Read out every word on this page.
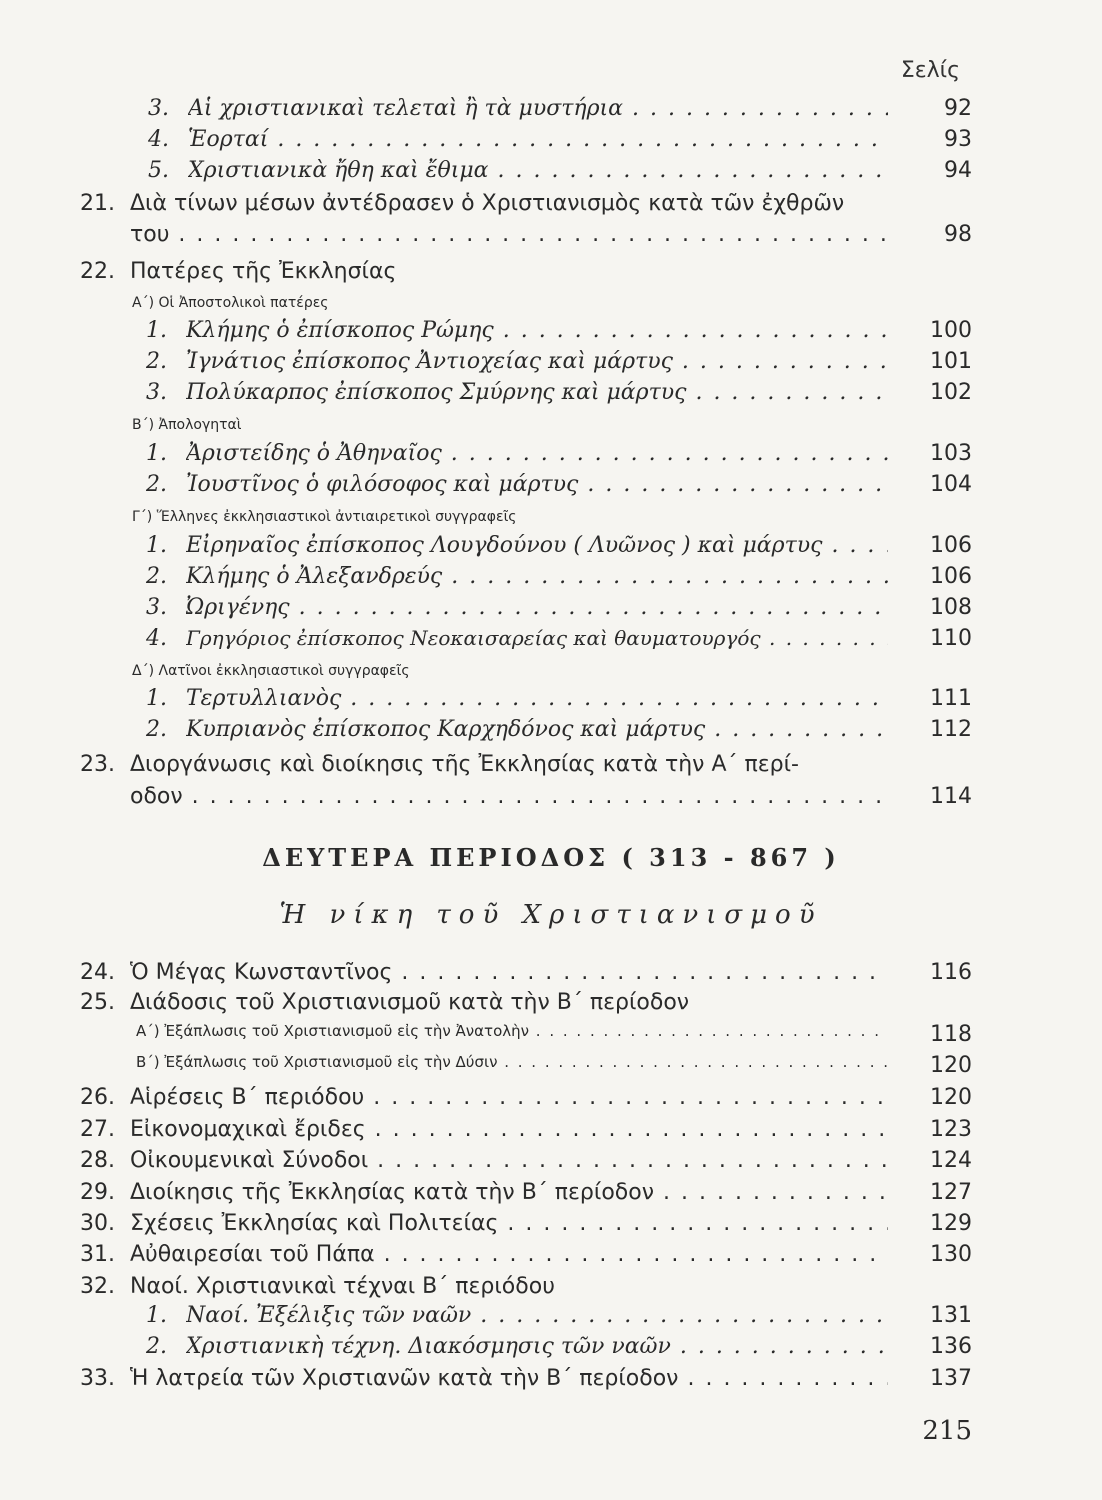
Σελίς
3. Αἱ χριστιανικαὶ τελεταὶ ἢ τὰ μυστήρια . . .	92
4. Ἑορταί . . .	93
5. Χριστιανικὰ ἤθη καὶ ἔθιμα . . .	94
21. Διὰ τίνων μέσων ἀντέδρασεν ὁ Χριστιανισμὸς κατὰ τῶν ἐχθρῶν
του . . .	98
22. Πατέρες τῆς Ἐκκλησίας
Α΄) Οἱ Ἀποστολικοὶ πατέρες
1. Κλήμης ὁ ἐπίσκοπος Ρώμης . . .	100
2. Ἰγνάτιος ἐπίσκοπος Ἀντιοχείας καὶ μάρτυς . . .	101
3. Πολύκαρπος ἐπίσκοπος Σμύρνης καὶ μάρτυς . . .	102
Β΄) Ἀπολογηταὶ
1. Ἀριστείδης ὁ Ἀθηναῖος . . .	103
2. Ἰουστῖνος ὁ φιλόσοφος καὶ μάρτυς . . .	104
Γ΄) Ἕλληνες ἐκκλησιαστικοὶ ἀντιαιρετικοὶ συγγραφεῖς
1. Εἰρηναῖος ἐπίσκοπος Λουγδούνου ( Λυῶνος ) καὶ μάρτυς . . .	106
2. Κλήμης ὁ Ἀλεξανδρεύς . . .	106
3. Ὠριγένης . . .	108
4. Γρηγόριος ἐπίσκοπος Νεοκαισαρείας καὶ θαυματουργός . . .	110
Δ΄) Λατῖνοι ἐκκλησιαστικοὶ συγγραφεῖς
1. Τερτυλλιανὸς . . .	111
2. Κυπριανὸς ἐπίσκοπος Καρχηδόνος καὶ μάρτυς . . .	112
23. Διοργάνωσις καὶ διοίκησις τῆς Ἐκκλησίας κατὰ τὴν Α΄ περί-
οδον . . .	114
ΔΕΥΤΕΡΑ ΠΕΡΙΟΔΟΣ ( 313 - 867 )
Ἡ νίκη τοῦ Χριστιανισμοῦ
24. Ὁ Μέγας Κωνσταντῖνος . . .	116
25. Διάδοσις τοῦ Χριστιανισμοῦ κατὰ τὴν Β΄ περίοδον
Α΄) Ἐξάπλωσις τοῦ Χριστιανισμοῦ εἰς τὴν Ἀνατολὴν . . .	118
Β΄) Ἐξάπλωσις τοῦ Χριστιανισμοῦ εἰς τὴν Δύσιν . . .	120
26. Αἱρέσεις Β΄ περιόδου . . .	120
27. Εἰκονομαχικαὶ ἔριδες . . .	123
28. Οἰκουμενικαὶ Σύνοδοι . . .	124
29. Διοίκησις τῆς Ἐκκλησίας κατὰ τὴν Β΄ περίοδον . . .	127
30. Σχέσεις Ἐκκλησίας καὶ Πολιτείας . . .	129
31. Αὐθαιρεσίαι τοῦ Πάπα . . .	130
32. Ναοί. Χριστιανικαὶ τέχναι Β΄ περιόδου
1. Ναοί. Ἐξέλιξις τῶν ναῶν . . .	131
2. Χριστιανικὴ τέχνη. Διακόσμησις τῶν ναῶν . . .	136
33. Ἡ λατρεία τῶν Χριστιανῶν κατὰ τὴν Β΄ περίοδον . . .	137
215
